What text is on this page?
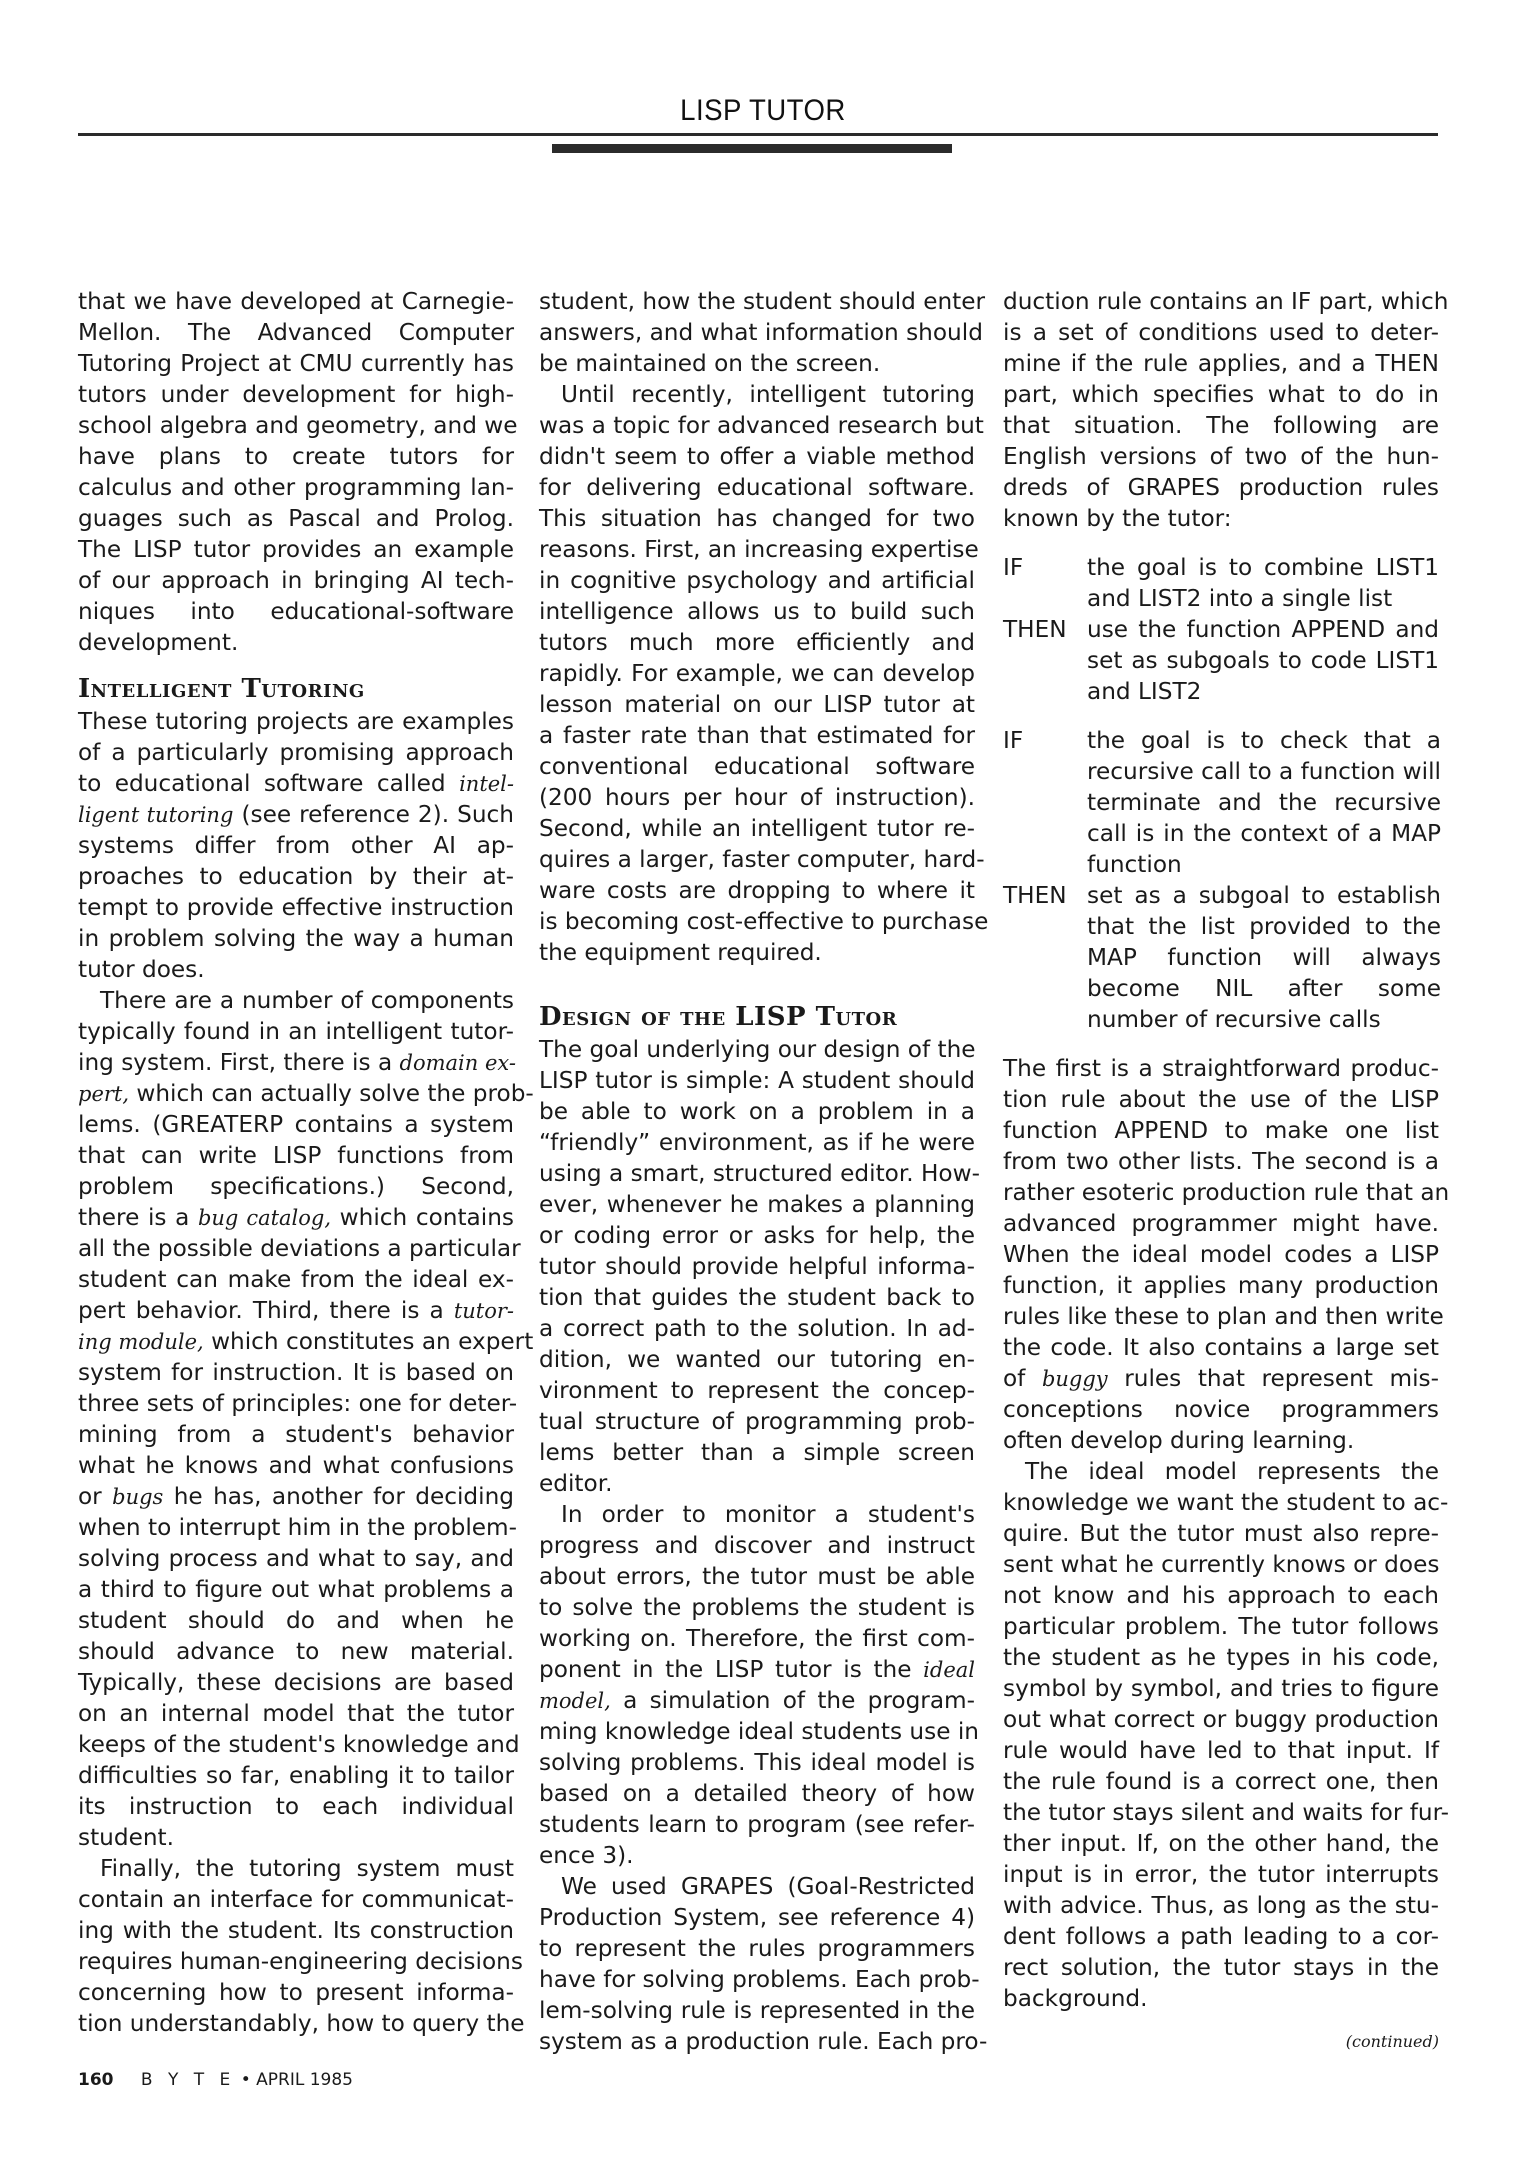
LISP TUTOR
that we have developed at Carnegie-
Mellon. The Advanced Computer
Tutoring Project at CMU currently has
tutors under development for high-
school algebra and geometry, and we
have plans to create tutors for
calculus and other programming lan-
guages such as Pascal and Prolog.
The LISP tutor provides an example
of our approach in bringing AI tech-
niques into educational-software
development.
Intelligent Tutoring
These tutoring projects are examples
of a particularly promising approach
to educational software called intel-
ligent tutoring (see reference 2). Such
systems differ from other AI ap-
proaches to education by their at-
tempt to provide effective instruction
in problem solving the way a human
tutor does.
There are a number of components
typically found in an intelligent tutor-
ing system. First, there is a domain ex-
pert, which can actually solve the prob-
lems. (GREATERP contains a system
that can write LISP functions from
problem specifications.) Second,
there is a bug catalog, which contains
all the possible deviations a particular
student can make from the ideal ex-
pert behavior. Third, there is a tutor-
ing module, which constitutes an expert
system for instruction. It is based on
three sets of principles: one for deter-
mining from a student's behavior
what he knows and what confusions
or bugs he has, another for deciding
when to interrupt him in the problem-
solving process and what to say, and
a third to figure out what problems a
student should do and when he
should advance to new material.
Typically, these decisions are based
on an internal model that the tutor
keeps of the student's knowledge and
difficulties so far, enabling it to tailor
its instruction to each individual
student.
Finally, the tutoring system must
contain an interface for communicat-
ing with the student. Its construction
requires human-engineering decisions
concerning how to present informa-
tion understandably, how to query the
student, how the student should enter
answers, and what information should
be maintained on the screen.
Until recently, intelligent tutoring
was a topic for advanced research but
didn't seem to offer a viable method
for delivering educational software.
This situation has changed for two
reasons. First, an increasing expertise
in cognitive psychology and artificial
intelligence allows us to build such
tutors much more efficiently and
rapidly. For example, we can develop
lesson material on our LISP tutor at
a faster rate than that estimated for
conventional educational software
(200 hours per hour of instruction).
Second, while an intelligent tutor re-
quires a larger, faster computer, hard-
ware costs are dropping to where it
is becoming cost-effective to purchase
the equipment required.
Design of the LISP Tutor
The goal underlying our design of the
LISP tutor is simple: A student should
be able to work on a problem in a
“friendly” environment, as if he were
using a smart, structured editor. How-
ever, whenever he makes a planning
or coding error or asks for help, the
tutor should provide helpful informa-
tion that guides the student back to
a correct path to the solution. In ad-
dition, we wanted our tutoring en-
vironment to represent the concep-
tual structure of programming prob-
lems better than a simple screen
editor.
In order to monitor a student's
progress and discover and instruct
about errors, the tutor must be able
to solve the problems the student is
working on. Therefore, the first com-
ponent in the LISP tutor is the ideal
model, a simulation of the program-
ming knowledge ideal students use in
solving problems. This ideal model is
based on a detailed theory of how
students learn to program (see refer-
ence 3).
We used GRAPES (Goal-Restricted
Production System, see reference 4)
to represent the rules programmers
have for solving problems. Each prob-
lem-solving rule is represented in the
system as a production rule. Each pro-
duction rule contains an IF part, which
is a set of conditions used to deter-
mine if the rule applies, and a THEN
part, which specifies what to do in
that situation. The following are
English versions of two of the hun-
dreds of GRAPES production rules
known by the tutor:
IF	the goal is to combine LIST1
and LIST2 into a single list
THEN use the function APPEND and
set as subgoals to code LIST1
and LIST2
IF	the goal is to check that a
recursive call to a function will
terminate and the recursive
call is in the context of a MAP
function
THEN set as a subgoal to establish
that the list provided to the
MAP function will always
become NIL after some
number of recursive calls
The first is a straightforward produc-
tion rule about the use of the LISP
function APPEND to make one list
from two other lists. The second is a
rather esoteric production rule that an
advanced programmer might have.
When the ideal model codes a LISP
function, it applies many production
rules like these to plan and then write
the code. It also contains a large set
of buggy rules that represent mis-
conceptions novice programmers
often develop during learning.
The ideal model represents the
knowledge we want the student to ac-
quire. But the tutor must also repre-
sent what he currently knows or does
not know and his approach to each
particular problem. The tutor follows
the student as he types in his code,
symbol by symbol, and tries to figure
out what correct or buggy production
rule would have led to that input. If
the rule found is a correct one, then
the tutor stays silent and waits for fur-
ther input. If, on the other hand, the
input is in error, the tutor interrupts
with advice. Thus, as long as the stu-
dent follows a path leading to a cor-
rect solution, the tutor stays in the
background.
(continued)
160 B Y T E • APRIL 1985
